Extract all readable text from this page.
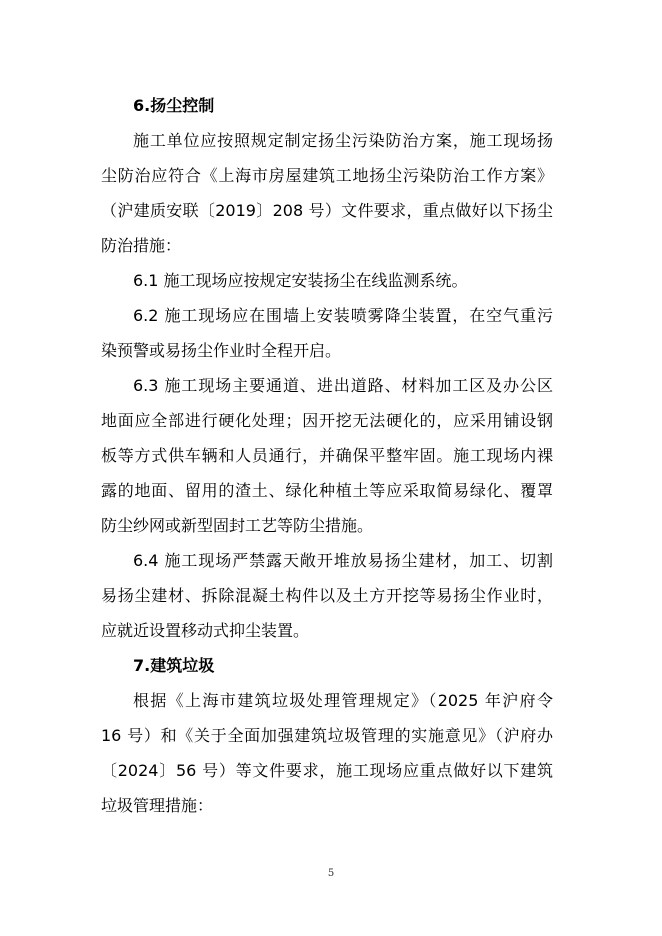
6.扬尘控制
施工单位应按照规定制定扬尘污染防治方案，施工现场扬
尘防治应符合《上海市房屋建筑工地扬尘污染防治工作方案》
（沪建质安联〔2019〕208 号）文件要求，重点做好以下扬尘
防治措施：
6.1 施工现场应按规定安装扬尘在线监测系统。
6.2 施工现场应在围墙上安装喷雾降尘装置，在空气重污
染预警或易扬尘作业时全程开启。
6.3 施工现场主要通道、进出道路、材料加工区及办公区
地面应全部进行硬化处理；因开挖无法硬化的，应采用铺设钢
板等方式供车辆和人员通行，并确保平整牢固。施工现场内裸
露的地面、留用的渣土、绿化种植土等应采取简易绿化、覆罩
防尘纱网或新型固封工艺等防尘措施。
6.4 施工现场严禁露天敞开堆放易扬尘建材，加工、切割
易扬尘建材、拆除混凝土构件以及土方开挖等易扬尘作业时，
应就近设置移动式抑尘装置。
7.建筑垃圾
根据《上海市建筑垃圾处理管理规定》（2025 年沪府令
16 号）和《关于全面加强建筑垃圾管理的实施意见》（沪府办
〔2024〕56 号）等文件要求，施工现场应重点做好以下建筑
垃圾管理措施：
5
